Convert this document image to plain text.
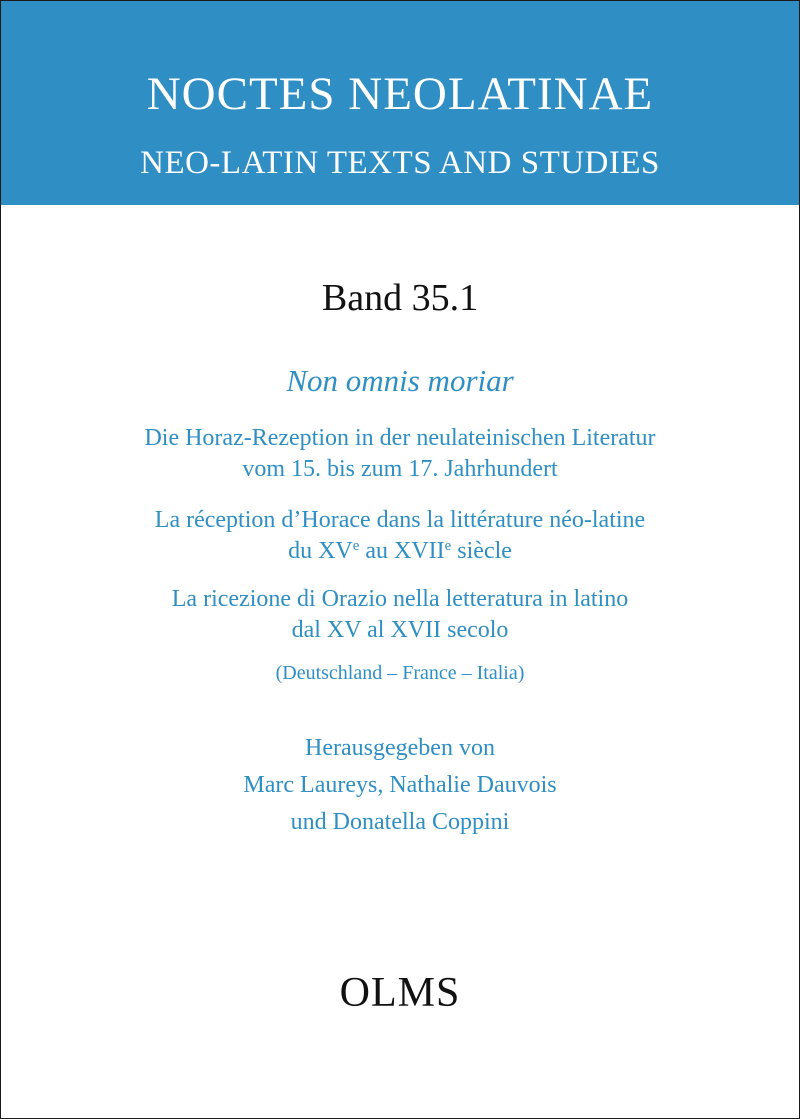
NOCTES NEOLATINAE
NEO-LATIN TEXTS AND STUDIES
Band 35.1
Non omnis moriar
Die Horaz-Rezeption in der neulateinischen Literatur
vom 15. bis zum 17. Jahrhundert
La réception d’Horace dans la littérature néo-latine
du XVe au XVIIe siècle
La ricezione di Orazio nella letteratura in latino
dal XV al XVII secolo
(Deutschland – France – Italia)
Herausgegeben von
Marc Laureys, Nathalie Dauvois
und Donatella Coppini
OLMS
